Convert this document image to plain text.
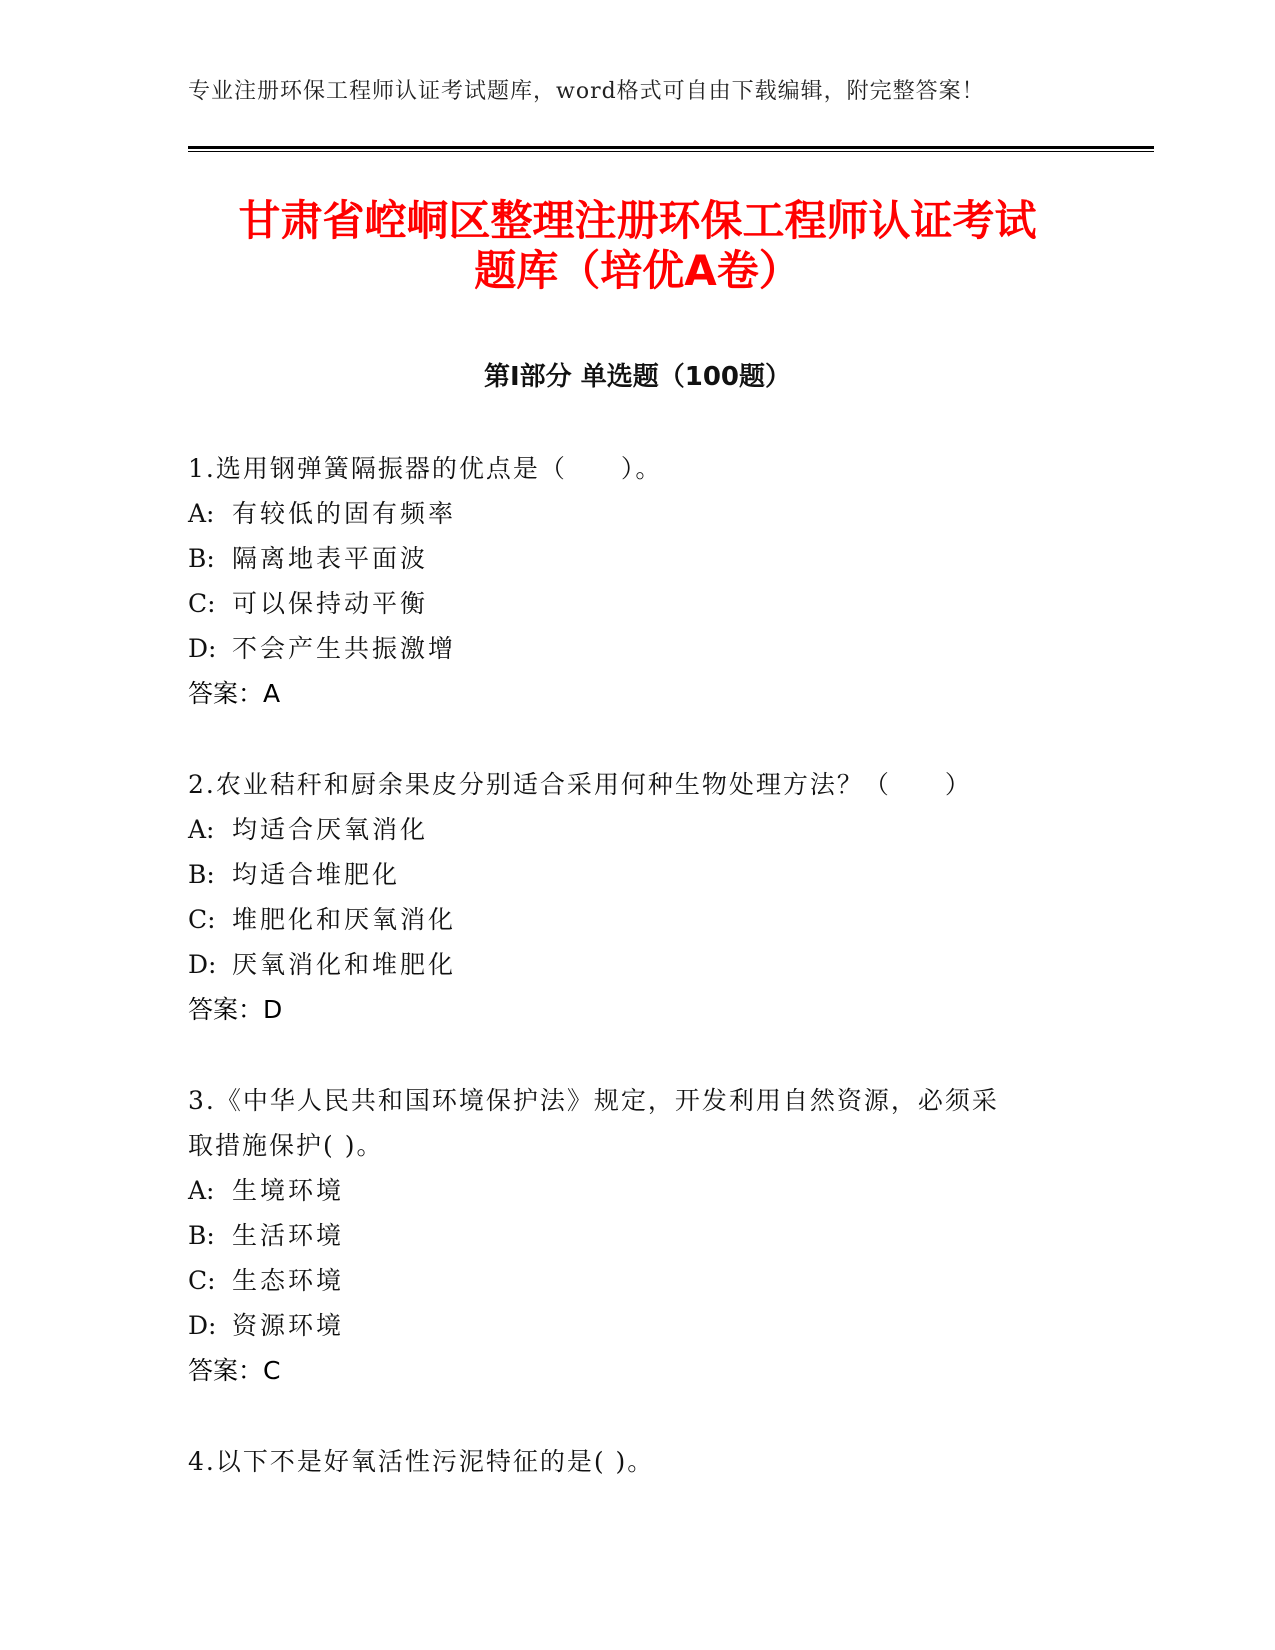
专业注册环保工程师认证考试题库，word格式可自由下载编辑，附完整答案！
甘肃省崆峒区整理注册环保工程师认证考试
题库（培优A卷）
第Ⅰ部分 单选题（100题）

1.选用钢弹簧隔振器的优点是（　　）。

A: 有较低的固有频率

B: 隔离地表平面波

C: 可以保持动平衡

D: 不会产生共振激增

答案：A

2.农业秸秆和厨余果皮分别适合采用何种生物处理方法？（　　）

A: 均适合厌氧消化

B: 均适合堆肥化

C: 堆肥化和厌氧消化

D: 厌氧消化和堆肥化

答案：D

3.《中华人民共和国环境保护法》规定，开发利用自然资源，必须采

取措施保护( )。

A: 生境环境

B: 生活环境

C: 生态环境

D: 资源环境

答案：C

4.以下不是好氧活性污泥特征的是( )。
